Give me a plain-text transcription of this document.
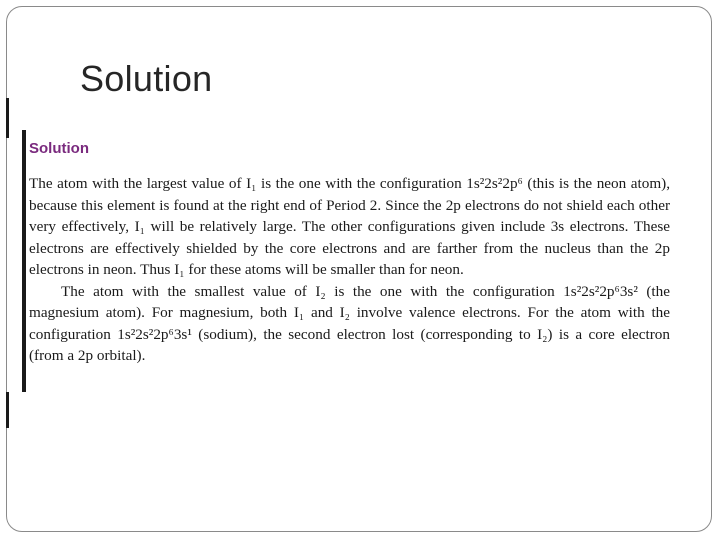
Solution
Solution

The atom with the largest value of I₁ is the one with the configuration 1s²2s²2p⁶ (this is the neon atom), because this element is found at the right end of Period 2. Since the 2p electrons do not shield each other very effectively, I₁ will be relatively large. The other configurations given include 3s electrons. These electrons are effectively shielded by the core electrons and are farther from the nucleus than the 2p electrons in neon. Thus I₁ for these atoms will be smaller than for neon.

The atom with the smallest value of I₂ is the one with the configuration 1s²2s²2p⁶3s² (the magnesium atom). For magnesium, both I₁ and I₂ involve valence electrons. For the atom with the configuration 1s²2s²2p⁶3s¹ (sodium), the second electron lost (corresponding to I₂) is a core electron (from a 2p orbital).
